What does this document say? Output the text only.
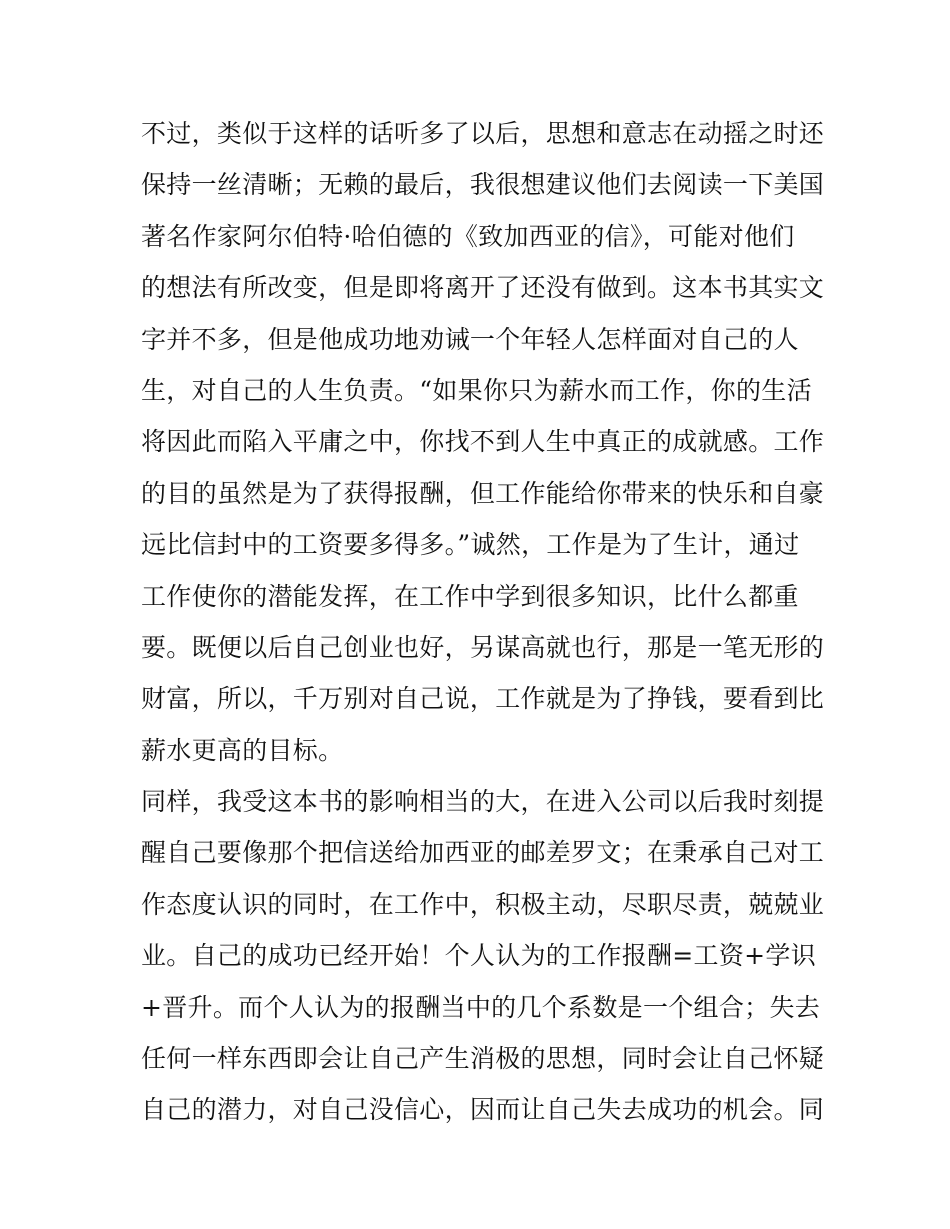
不过，类似于这样的话听多了以后，思想和意志在动摇之时还
保持一丝清晰；无赖的最后，我很想建议他们去阅读一下美国
著名作家阿尔伯特·哈伯德的《致加西亚的信》，可能对他们
的想法有所改变，但是即将离开了还没有做到。这本书其实文
字并不多，但是他成功地劝诫一个年轻人怎样面对自己的人
生，对自己的人生负责。“如果你只为薪水而工作，你的生活
将因此而陷入平庸之中，你找不到人生中真正的成就感。工作
的目的虽然是为了获得报酬，但工作能给你带来的快乐和自豪
远比信封中的工资要多得多。”诚然，工作是为了生计，通过
工作使你的潜能发挥，在工作中学到很多知识，比什么都重
要。既便以后自己创业也好，另谋高就也行，那是一笔无形的
财富，所以，千万别对自己说，工作就是为了挣钱，要看到比
薪水更高的目标。
同样，我受这本书的影响相当的大，在进入公司以后我时刻提
醒自己要像那个把信送给加西亚的邮差罗文；在秉承自己对工
作态度认识的同时，在工作中，积极主动，尽职尽责，兢兢业
业。自己的成功已经开始！个人认为的工作报酬=工资+学识
+晋升。而个人认为的报酬当中的几个系数是一个组合；失去
任何一样东西即会让自己产生消极的思想，同时会让自己怀疑
自己的潜力，对自己没信心，因而让自己失去成功的机会。同
